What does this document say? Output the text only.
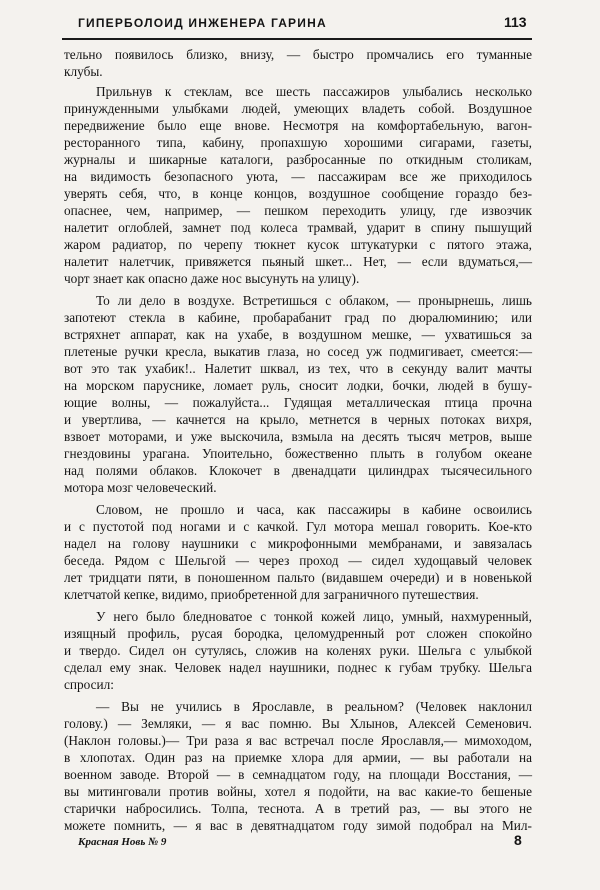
ГИПЕРБОЛОИД ИНЖЕНЕРА ГАРИНА	113
тельно появилось близко, внизу, — быстро промчались его туманные
клубы.
Прильнув к стеклам, все шесть пассажиров улыбались несколько
принужденными улыбками людей, умеющих владеть собой. Воздушное
передвижение было еще вновe. Несмотря на комфортабельную, вагон-
ресторанного типа, кабину, пропахшую хорошими сигарами, газеты,
журналы и шикарные каталоги, разбросанные по откидным столикам,
на видимость безопасного уюта, — пассажирам все же приходилось
уверять себя, что, в конце концов, воздушное сообщение гораздо без-
опаснее, чем, например, — пешком переходить улицу, где извозчик
налетит оглоблей, замнет под колеса трамвай, ударит в спину пышущий
жаром радиатор, по черепу тюкнет кусок штукатурки с пятого этажа,
налетит налетчик, привяжется пьяный шкет... Нет, — если вдуматься,—
чорт знает как опасно даже нос высунуть на улицу).
То ли дело в воздухе. Встретишься с облаком, — пронырнешь, лишь
запотеют стекла в кабине, пробарабанит град по дюралюминию; или
встряхнет аппарат, как на ухабе, в воздушном мешке, — ухватишься за
плетеные ручки кресла, выкатив глаза, но сосед уж подмигивает, смеется:—
вот это так ухабик!.. Налетит шквал, из тех, что в секунду валит мачты
на морском паруснике, ломает руль, сносит лодки, бочки, людей в бушу-
ющие волны, — пожалуйста... Гудящая металлическая птица прочна
и увертлива, — качнется на крыло, метнется в черных потоках вихря,
взвоет моторами, и уже выскочила, взмыла на десять тысяч метров, выше
гнездовины урагана. Упоительно, божественно плыть в голубом океане
над полями облаков. Клокочет в двенадцати цилиндрах тысячесильного
мотора мозг человеческий.
Словом, не прошло и часа, как пассажиры в кабине освоились
и с пустотой под ногами и с качкой. Гул мотора мешал говорить. Кое-кто
надел на голову наушники с микрофонными мембранами, и завязалась
беседа. Рядом с Шельгой — через проход — сидел худощавый человек
лет тридцати пяти, в поношенном пальто (видавшем очереди) и в новенькой
клетчатой кепке, видимо, приобретенной для заграничного путешествия.
У него было бледноватое с тонкой кожей лицо, умный, нахмуренный,
изящный профиль, русая бородка, целомудренный рот сложен спокойно
и твердо. Сидел он сутулясь, сложив на коленях руки. Шельга с улыбкой
сделал ему знак. Человек надел наушники, поднес к губам трубку. Шельга
спросил:
— Вы не учились в Ярославле, в реальном? (Человек наклонил
голову.) — Земляки, — я вас помню. Вы Хлынов, Алексей Семенович.
(Наклон головы.)— Три раза я вас встречал после Ярославля,— мимоходом,
в хлопотах. Один раз на приемке хлора для армии, — вы работали на
военном заводе. Второй — в семнадцатом году, на площади Восстания, —
вы митинговали против войны, хотел я подойти, на вас какие-то бешеные
старички набросились. Толпа, теснота. А в третий раз, — вы этого не
можете помнить, — я вас в девятнадцатом году зимой подобрал на Мил-
Красная Новь № 9	8
